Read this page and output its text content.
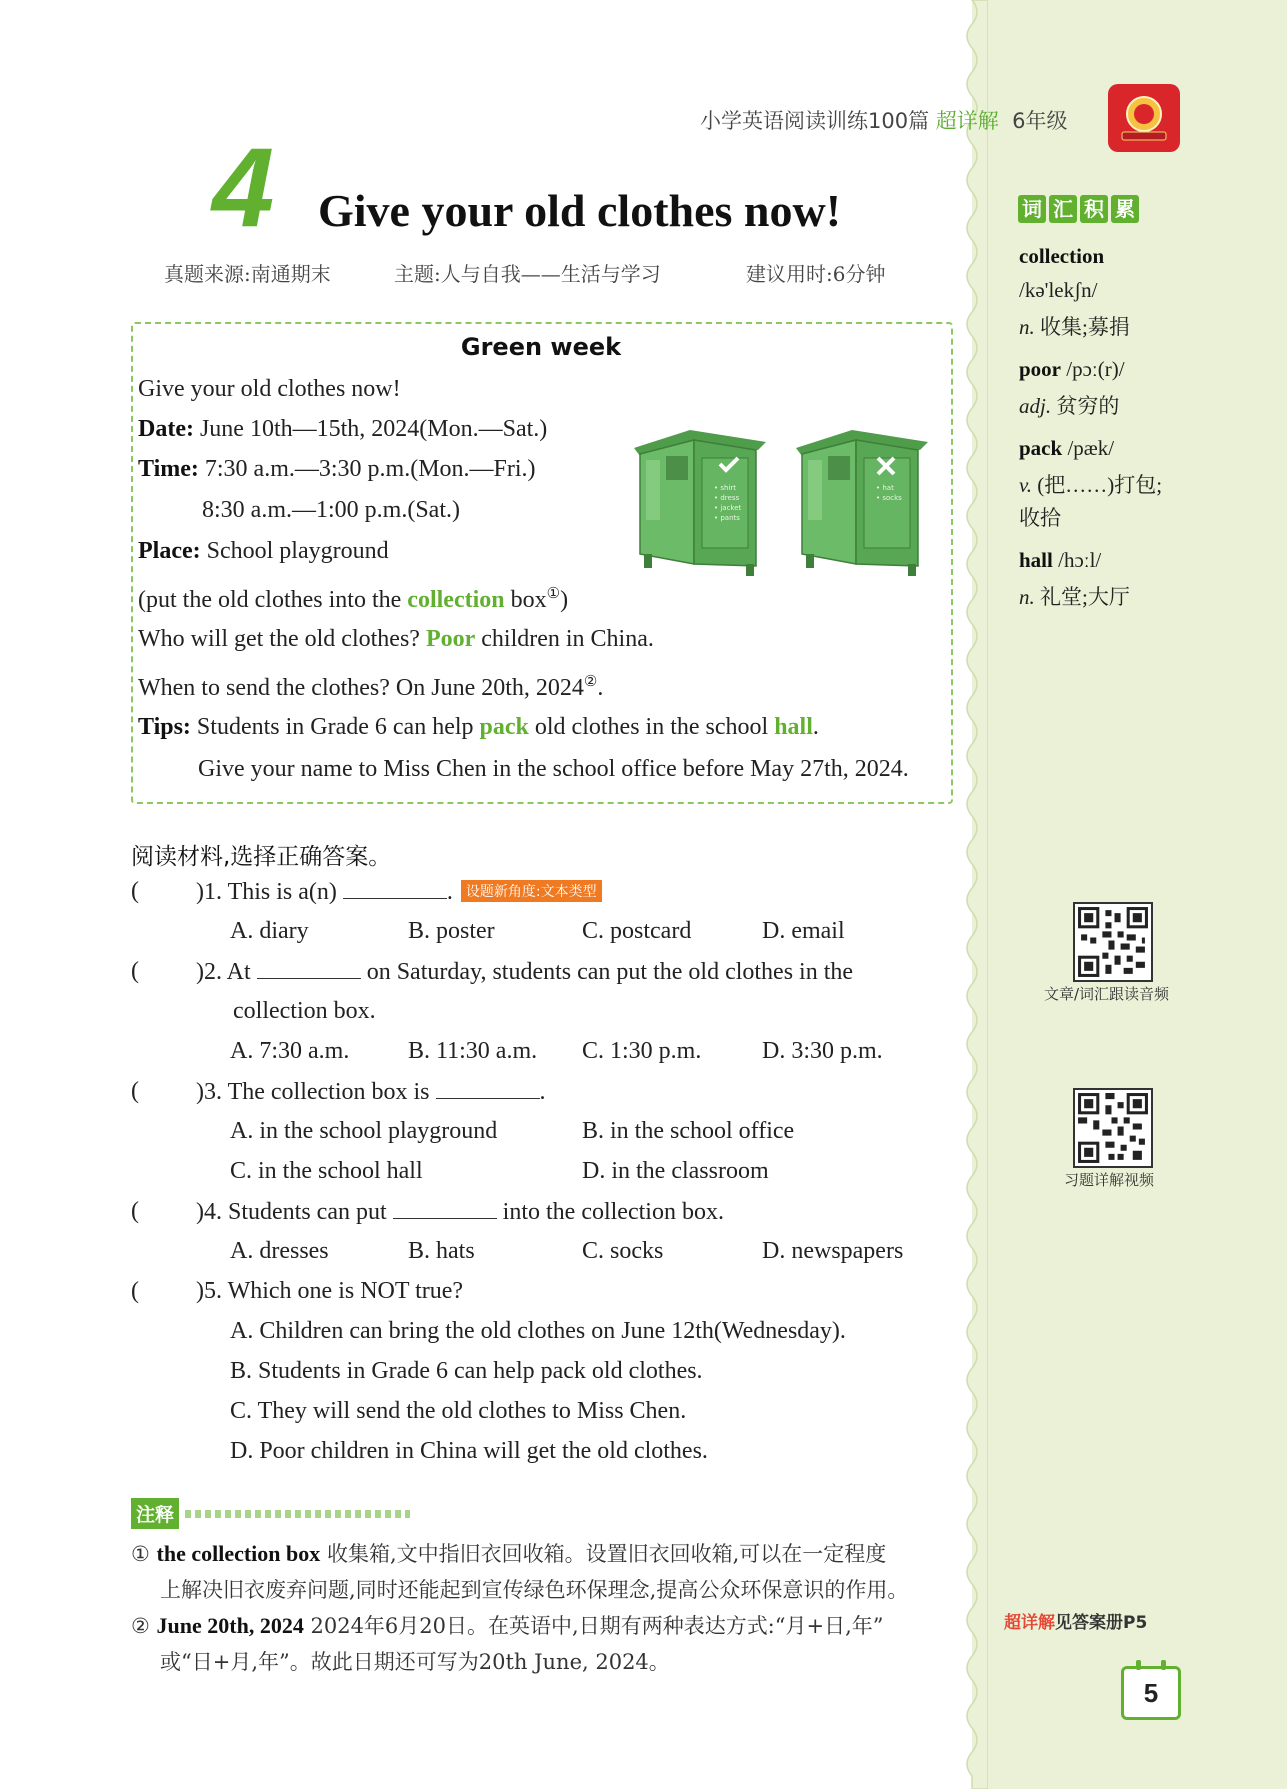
小学英语阅读训练100篇 超详解 6年级
4 Give your old clothes now!
真题来源:南通期末	主题:人与自我——生活与学习	建议用时:6分钟
Green week
Give your old clothes now!
Date: June 10th—15th, 2024(Mon.—Sat.)
Time: 7:30 a.m.—3:30 p.m.(Mon.—Fri.)
8:30 a.m.—1:00 p.m.(Sat.)
Place: School playground
(put the old clothes into the collection box①)
Who will get the old clothes? Poor children in China.
When to send the clothes? On June 20th, 2024②.
Tips: Students in Grade 6 can help pack old clothes in the school hall.
Give your name to Miss Chen in the school office before May 27th, 2024.
• shirt
• dress
• jacket
• pants
• hat
• socks
阅读材料,选择正确答案。
( )1. This is a(n)	. 设题新角度:文本类型
A. diary	B. poster	C. postcard	D. email
( )2. At	on Saturday, students can put the old clothes in the
collection box.
A. 7:30 a.m. B. 11:30 a.m. C. 1:30 p.m.	D. 3:30 p.m.
( )3. The collection box is	.
A. in the school playground	B. in the school office
C. in the school hall	D. in the classroom
( )4. Students can put	into the collection box.
A. dresses	B. hats	C. socks	D. newspapers
( )5. Which one is NOT true?
A. Children can bring the old clothes on June 12th(Wednesday).
B. Students in Grade 6 can help pack old clothes.
C. They will send the old clothes to Miss Chen.
D. Poor children in China will get the old clothes.
注释
① the collection box 收集箱,文中指旧衣回收箱。设置旧衣回收箱,可以在一定程度
上解决旧衣废弃问题,同时还能起到宣传绿色环保理念,提高公众环保意识的作用。
② June 20th, 2024 2024年6月20日。在英语中,日期有两种表达方式:“月+日,年”
或“日+月,年”。故此日期还可写为20th June, 2024。
词 汇 积 累
collection
/kə'lekʃn/
n. 收集;募捐
poor /pɔː(r)/
adj. 贫穷的
pack /pæk/
v. (把……)打包;
收拾
hall /hɔːl/
n. 礼堂;大厅
文章/词汇跟读音频
习题详解视频
超详解见答案册P5
5
